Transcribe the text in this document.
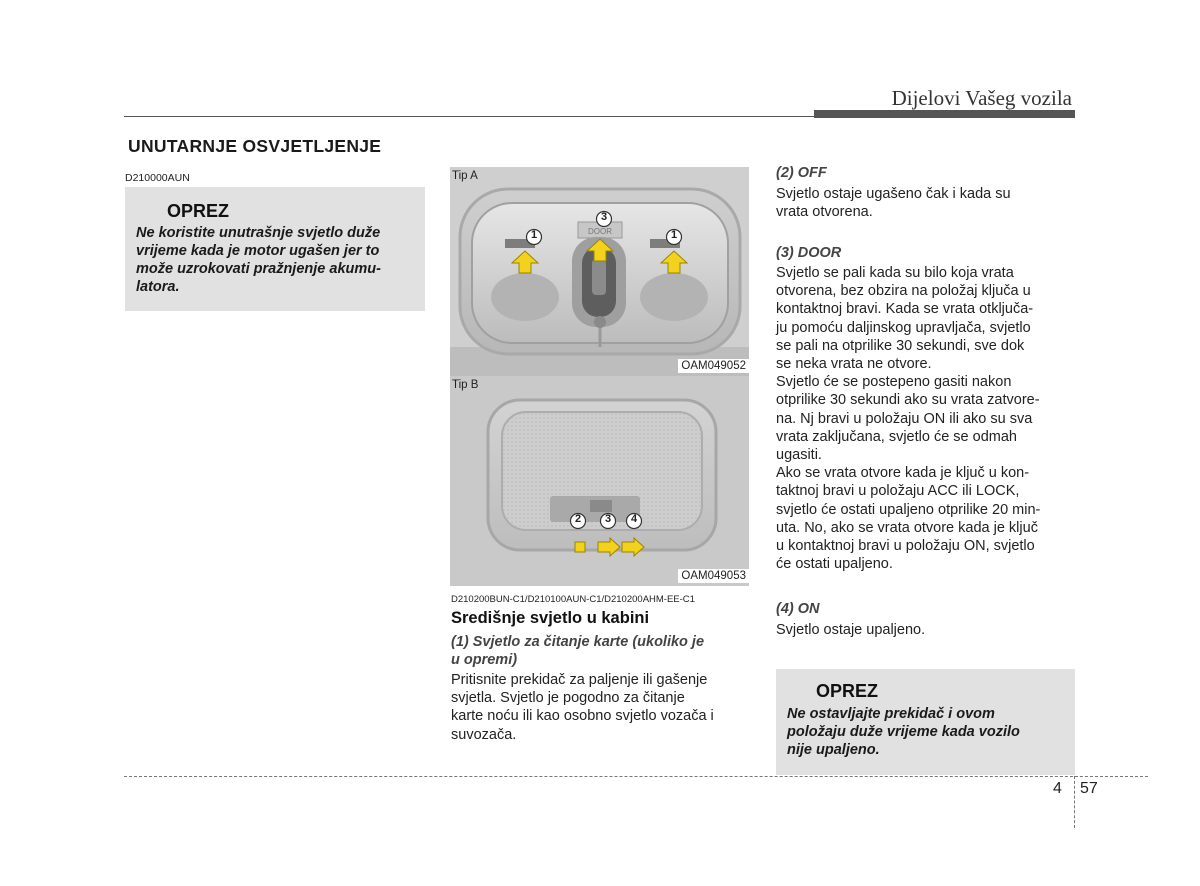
Dijelovi Vašeg vozila
UNUTARNJE OSVJETLJENJE
D210000AUN
OPREZ
Ne koristite unutrašnje svjetlo duže
vrijeme kada je motor ugašen jer to
može uzrokovati pražnjenje akumu-
latora.
DOOR
Tip A
1
3
1
OAM049052
Tip B
2 3 4
OAM049053
D210200BUN-C1/D210100AUN-C1/D210200AHM-EE-C1
Središnje svjetlo u kabini
(1) Svjetlo za čitanje karte (ukoliko je
u opremi)
Pritisnite prekidač za paljenje ili gašenje
svjetla. Svjetlo je pogodno za čitanje
karte noću ili kao osobno svjetlo vozača i
suvozača.
(2) OFF
Svjetlo ostaje ugašeno čak i kada su
vrata otvorena.
(3) DOOR
Svjetlo se pali kada su bilo koja vrata
otvorena, bez obzira na položaj ključa u
kontaktnoj bravi. Kada se vrata otključa-
ju pomoću daljinskog upravljača, svjetlo
se pali na otprilike 30 sekundi, sve dok
se neka vrata ne otvore.
Svjetlo će se postepeno gasiti nakon
otprilike 30 sekundi ako su vrata zatvore-
na. Nj bravi u položaju ON ili ako su sva
vrata zaključana, svjetlo će se odmah
ugasiti.
Ako se vrata otvore kada je ključ u kon-
taktnoj bravi u položaju ACC ili LOCK,
svjetlo će ostati upaljeno otprilike 20 min-
uta. No, ako se vrata otvore kada je ključ
u kontaktnoj bravi u položaju ON, svjetlo
će ostati upaljeno.
(4) ON
Svjetlo ostaje upaljeno.
OPREZ
Ne ostavljajte prekidač i ovom
položaju duže vrijeme kada vozilo
nije upaljeno.
4 57
